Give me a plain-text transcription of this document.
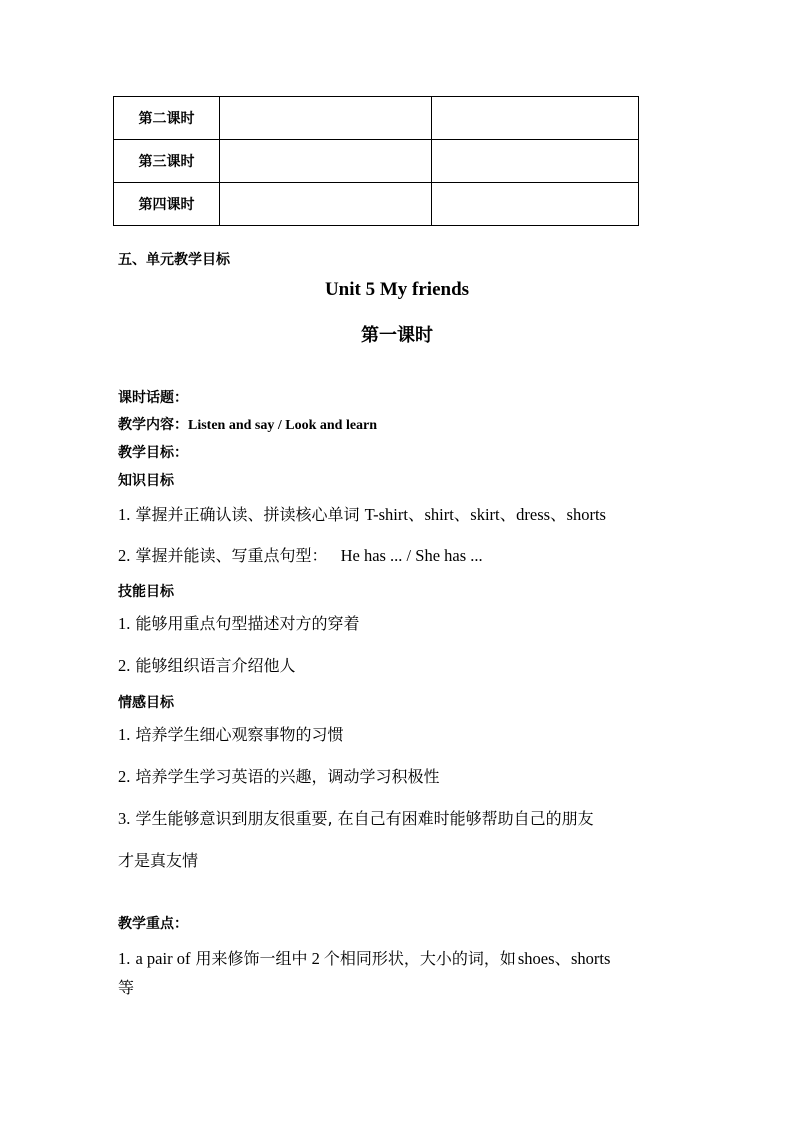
第二课时		
第三课时		
第四课时		
五、单元教学目标
Unit 5 My friends
第一课时
课时话题：
教学内容：Listen and say / Look and learn
教学目标：
知识目标
1. 掌握并正确认读、拼读核心单词 T-shirt、shirt、skirt、dress、shorts
2. 掌握并能读、写重点句型： He has ... / She has ...
技能目标
1. 能够用重点句型描述对方的穿着
2. 能够组织语言介绍他人
情感目标
1. 培养学生细心观察事物的习惯
2. 培养学生学习英语的兴趣，调动学习积极性
3. 学生能够意识到朋友很重要, 在自己有困难时能够帮助自己的朋友
才是真友情
教学重点：
1. a pair of 用来修饰一组中 2 个相同形状，大小的词，如 shoes、shorts
等
